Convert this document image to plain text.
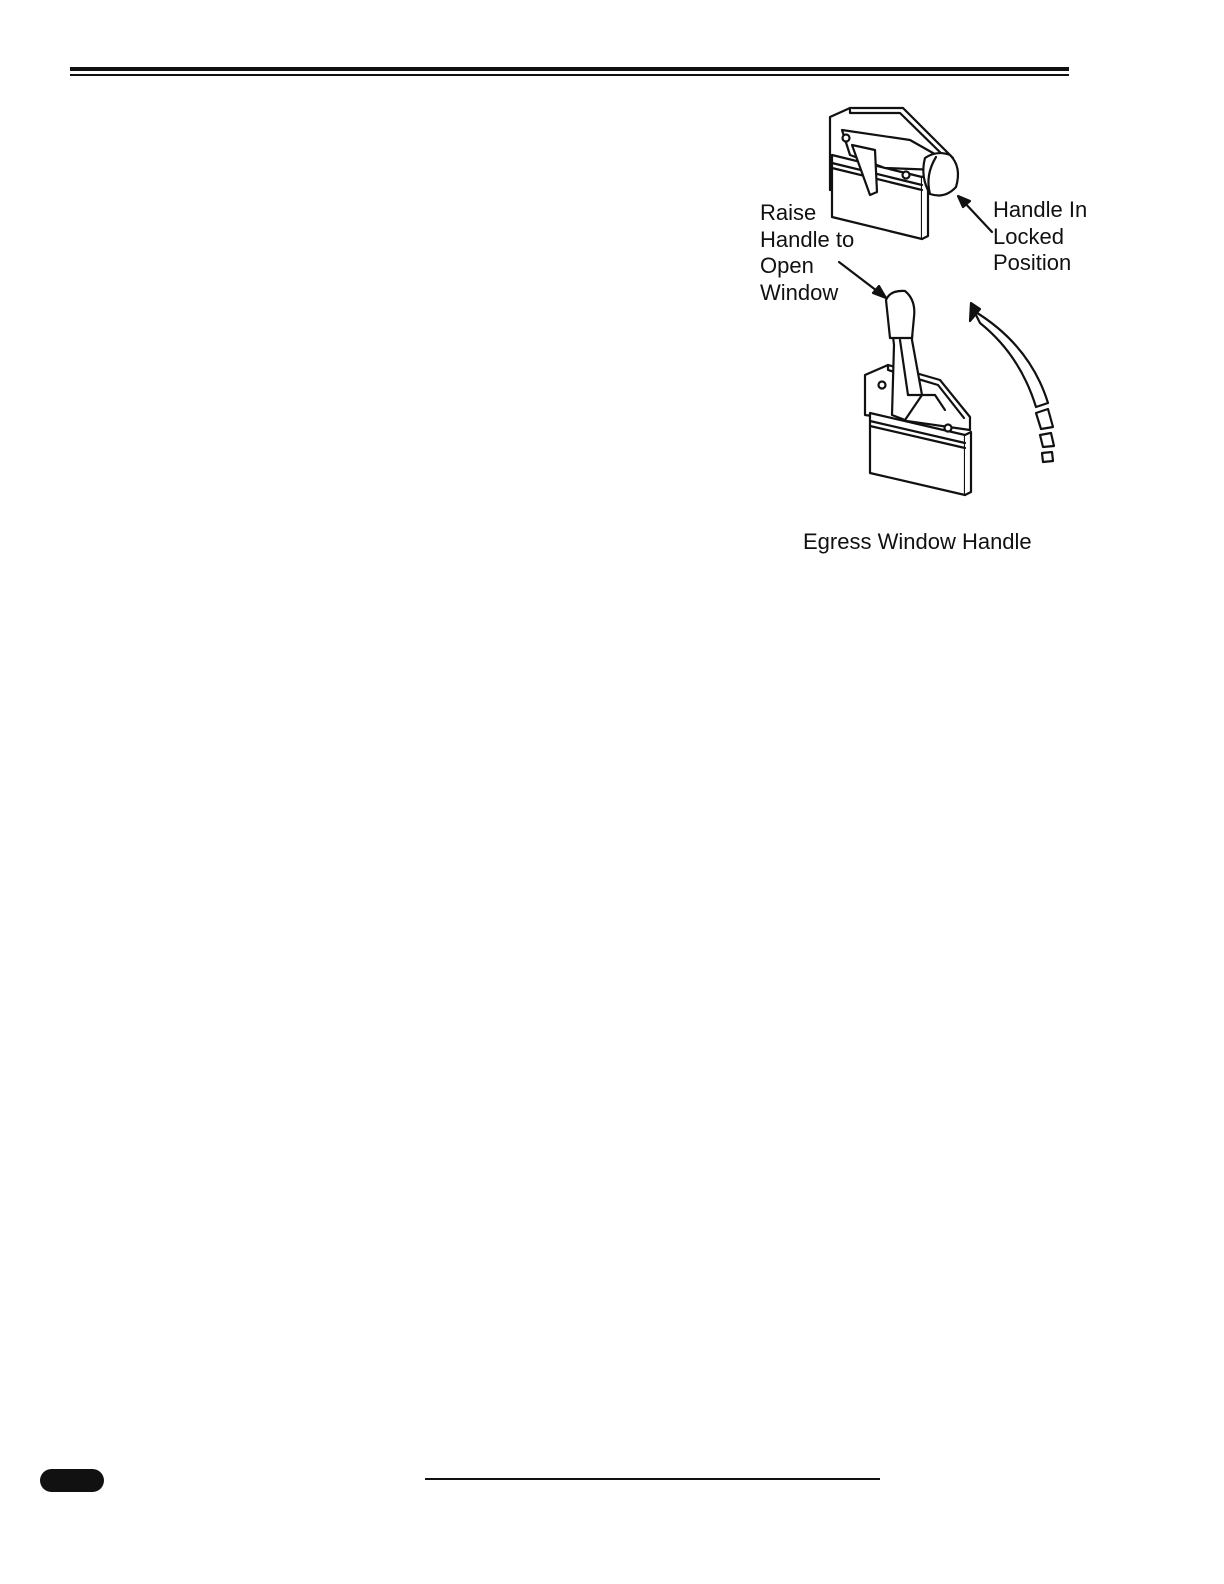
Raise
Handle to
Open
Window
Handle In
Locked
Position
Egress Window Handle
